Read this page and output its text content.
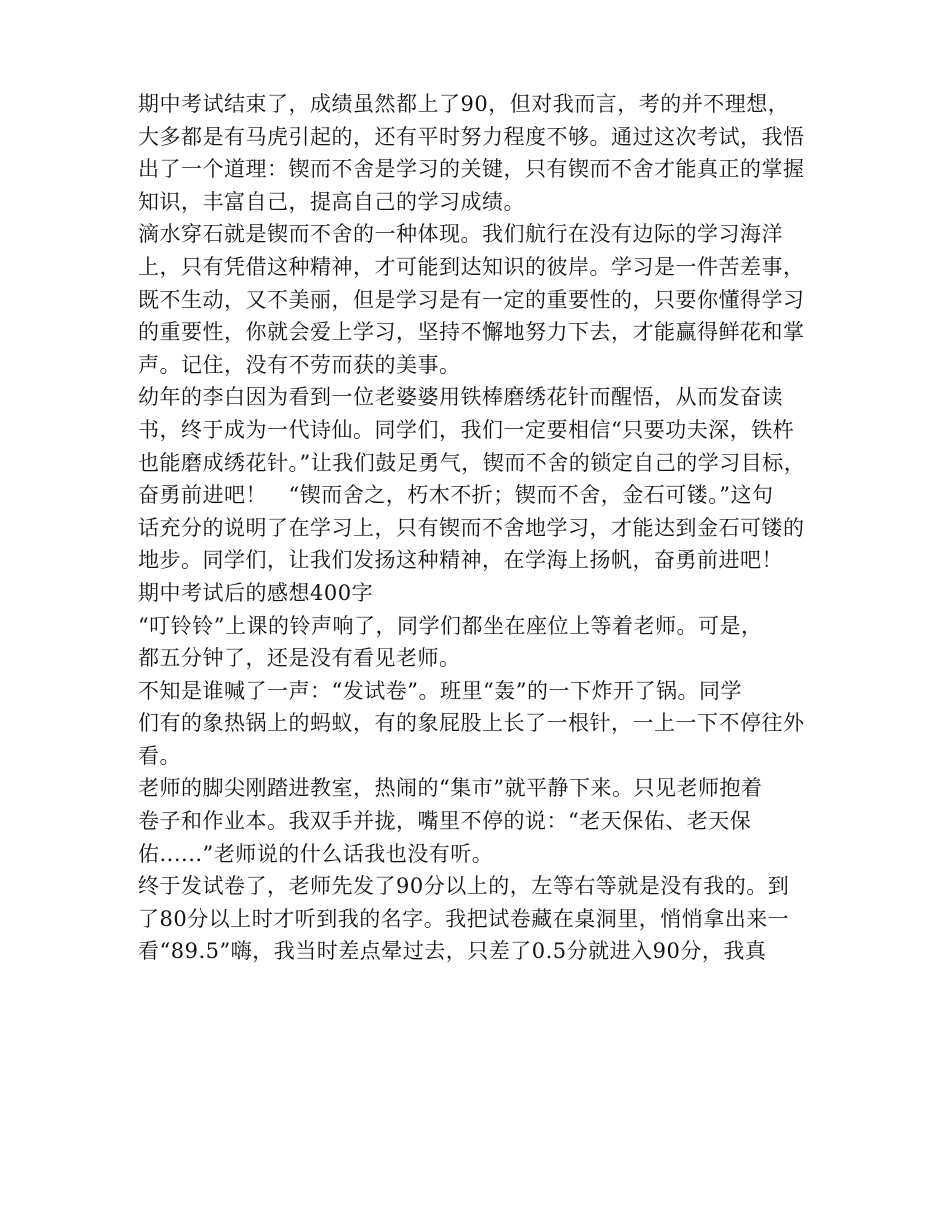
期中考试结束了，成绩虽然都上了90，但对我而言，考的并不理想，
大多都是有马虎引起的，还有平时努力程度不够。通过这次考试，我悟
出了一个道理：锲而不舍是学习的关键，只有锲而不舍才能真正的掌握
知识，丰富自己，提高自己的学习成绩。
滴水穿石就是锲而不舍的一种体现。我们航行在没有边际的学习海洋
上，只有凭借这种精神，才可能到达知识的彼岸。学习是一件苦差事，
既不生动，又不美丽，但是学习是有一定的重要性的，只要你懂得学习
的重要性，你就会爱上学习，坚持不懈地努力下去，才能赢得鲜花和掌
声。记住，没有不劳而获的美事。
幼年的李白因为看到一位老婆婆用铁棒磨绣花针而醒悟，从而发奋读
书，终于成为一代诗仙。同学们，我们一定要相信“只要功夫深，铁杵
也能磨成绣花针。”让我们鼓足勇气，锲而不舍的锁定自己的学习目标，
奋勇前进吧！　“锲而舍之，朽木不折；锲而不舍，金石可镂。”这句
话充分的说明了在学习上，只有锲而不舍地学习，才能达到金石可镂的
地步。同学们，让我们发扬这种精神，在学海上扬帆，奋勇前进吧！
期中考试后的感想400字
“叮铃铃”上课的铃声响了，同学们都坐在座位上等着老师。可是，
都五分钟了，还是没有看见老师。
不知是谁喊了一声：“发试卷”。班里“轰”的一下炸开了锅。同学
们有的象热锅上的蚂蚁，有的象屁股上长了一根针，一上一下不停往外
看。
老师的脚尖刚踏进教室，热闹的“集市”就平静下来。只见老师抱着
卷子和作业本。我双手并拢，嘴里不停的说：“老天保佑、老天保
佑......”老师说的什么话我也没有听。
终于发试卷了，老师先发了90分以上的，左等右等就是没有我的。到
了80分以上时才听到我的名字。我把试卷藏在桌洞里，悄悄拿出来一
看“89.5”嗨，我当时差点晕过去，只差了0.5分就进入90分，我真
